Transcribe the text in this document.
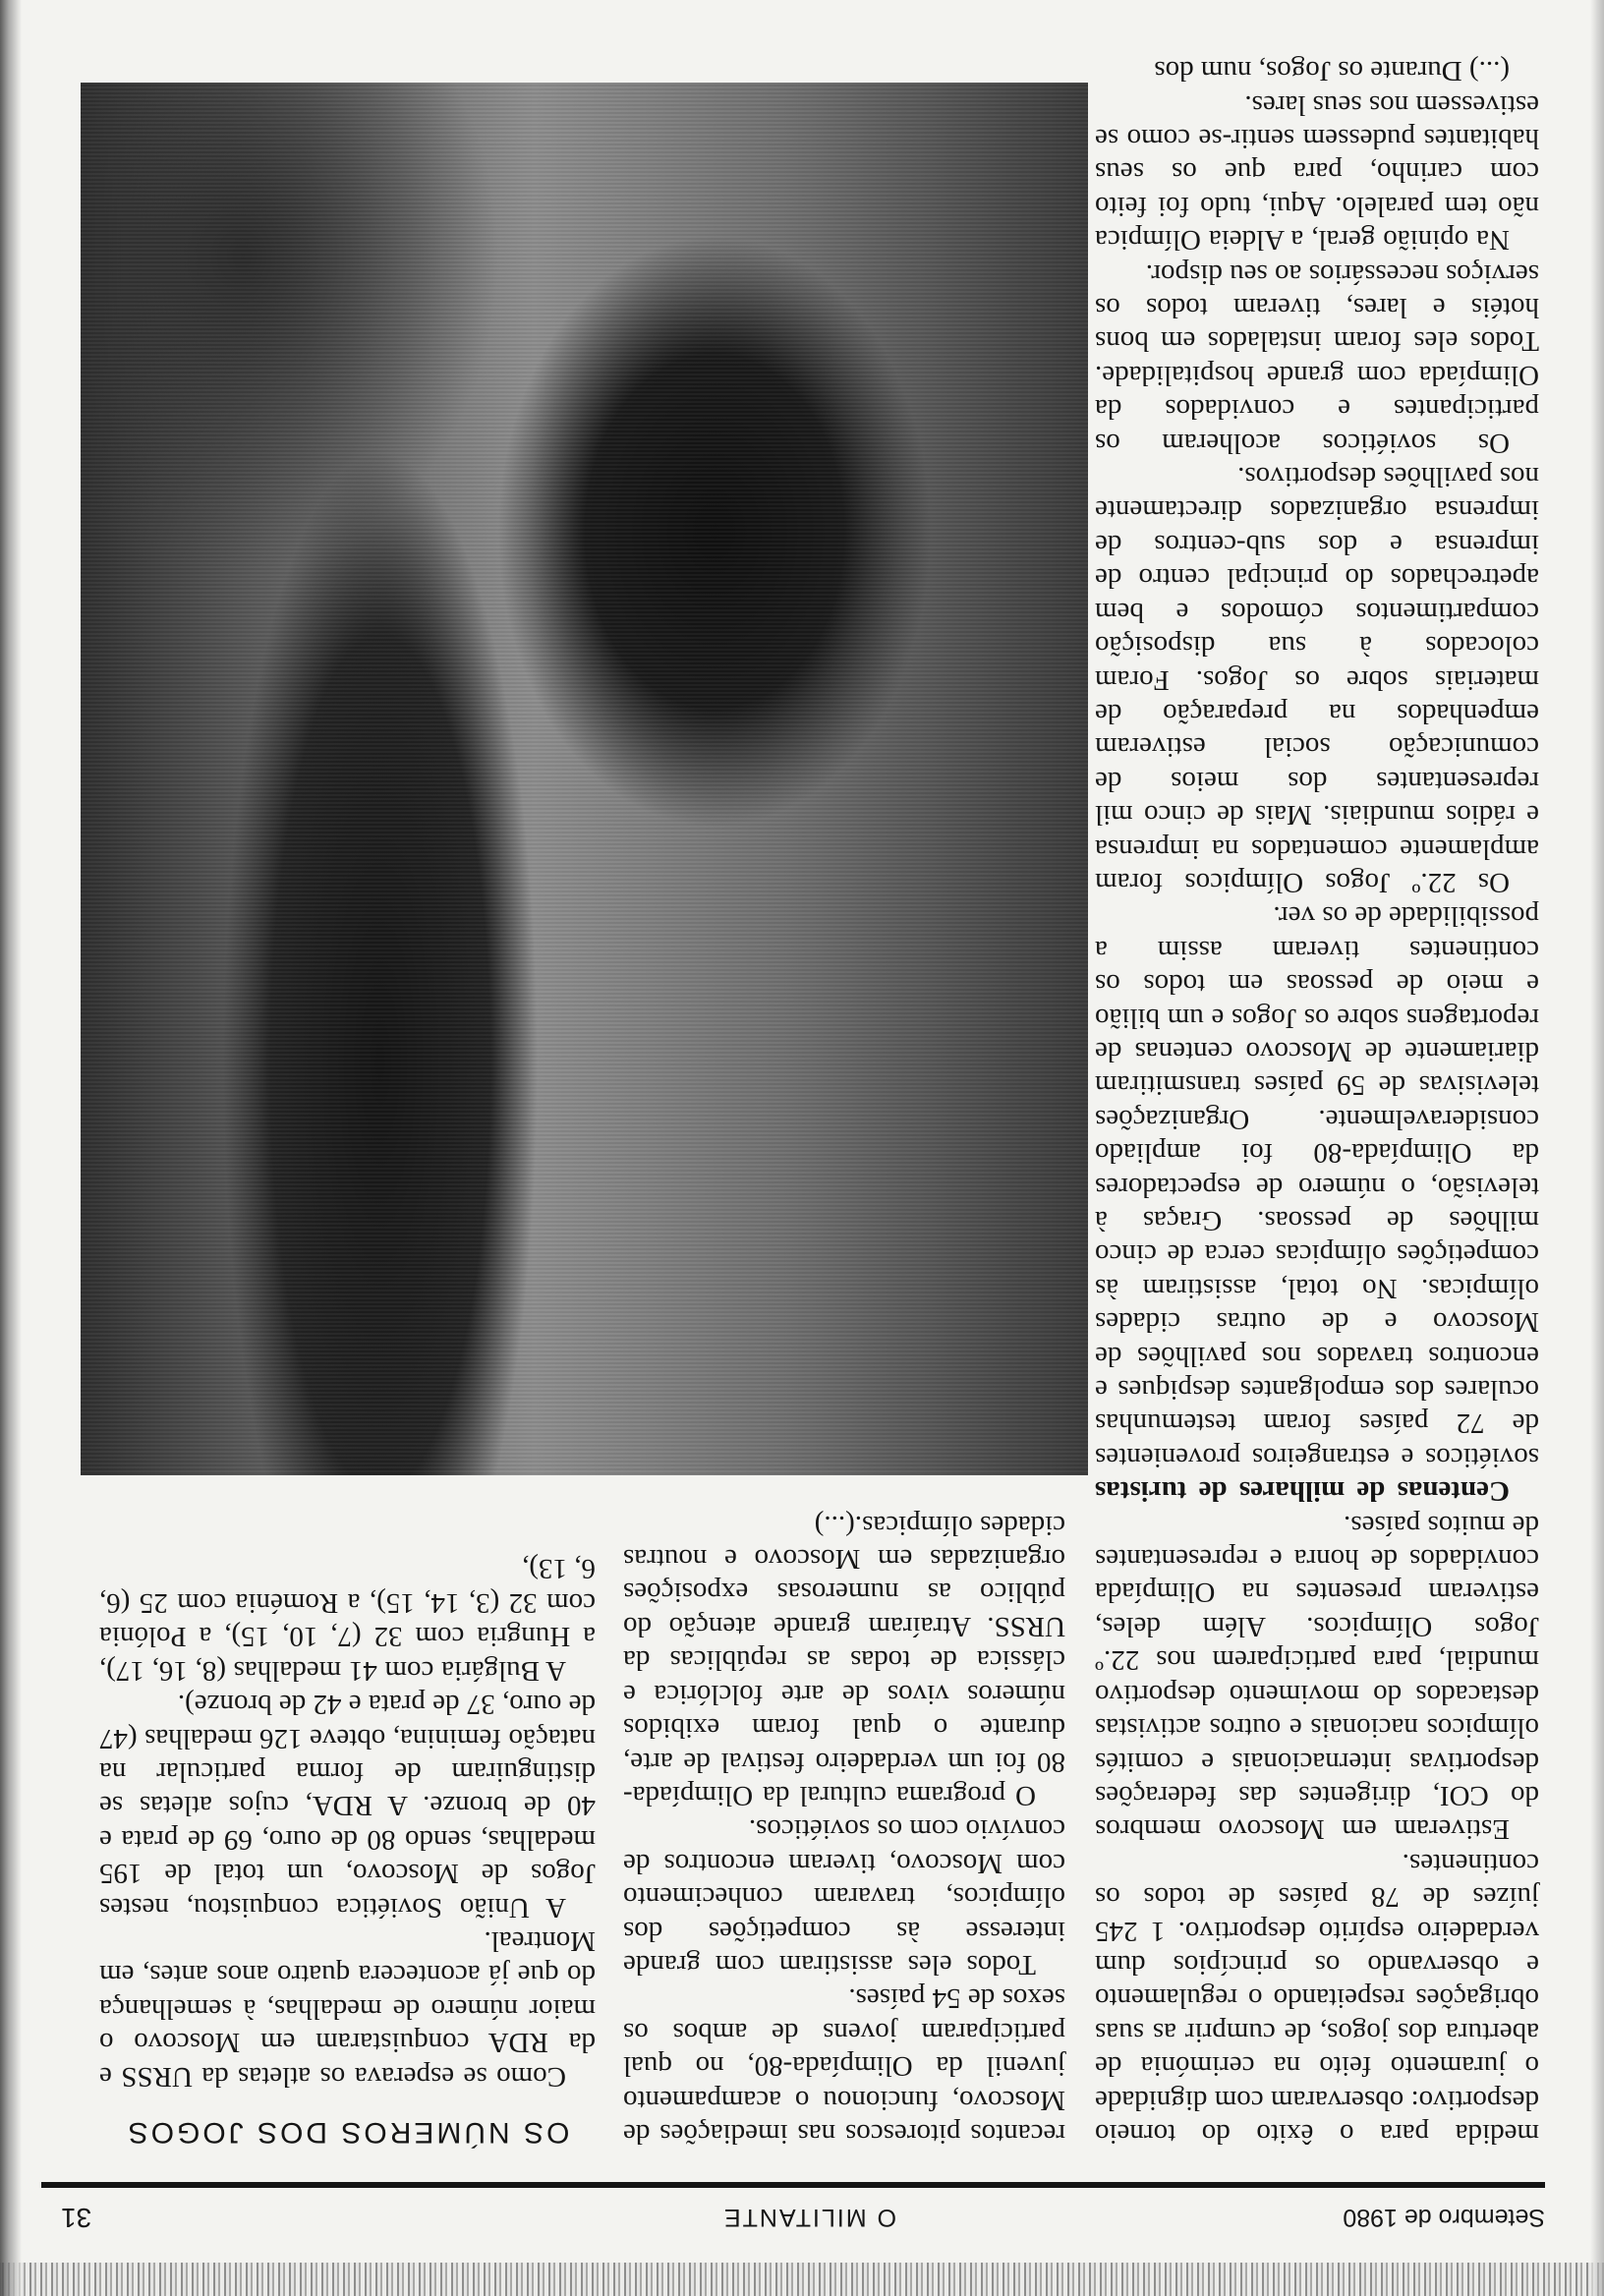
Setembro de 1980
O MILITANTE
31

medida para o êxito do torneio desportivo: observaram com dignidade o juramento feito na cerimónia de abertura dos jogos, de cumprir as suas obrigações respeitando o regulamento e observando os princípios dum verdadeiro espírito desportivo. 1 245 juízes de 78 países de todos os continentes.

Estiveram em Moscovo membros do COI, dirigentes das federações desportivas internacionais e comités olímpicos nacionais e outros activistas destacados do movimento desportivo mundial, para participarem nos 22.º Jogos Olímpicos. Além deles, estiveram presentes na Olimpíada convidados de honra e representantes de muitos países.

Centenas de milhares de turistas soviéticos e estrangeiros provenientes de 72 países foram testemunhas oculares dos empolgantes despiques e encontros travados nos pavilhões de Moscovo e de outras cidades olímpicas. No total, assistiram às competições olímpicas cerca de cinco milhões de pessoas. Graças à televisão, o número de espectadores da Olimpíada-80 foi ampliado consideravelmente. Organizações televisivas de 59 países transmitiram diariamente de Moscovo centenas de reportagens sobre os Jogos e um bilião e meio de pessoas em todos os continentes tiveram assim a possibilidade de os ver.

Os 22.º Jogos Olímpicos foram amplamente comentados na imprensa e rádios mundiais. Mais de cinco mil representantes dos meios de comunicação social estiveram empenhados na preparação de materiais sobre os Jogos. Foram colocados à sua disposição compartimentos cómodos e bem apetrechados do principal centro de imprensa e dos sub-centros de imprensa organizados directamente nos pavilhões desportivos.

Os soviéticos acolheram os participantes e convidados da Olimpíada com grande hospitalidade. Todos eles foram instalados em bons hotéis e lares, tiveram todos os serviços necessários ao seu dispor.

Na opinião geral, a Aldeia Olímpica não tem paralelo. Aqui, tudo foi feito com carinho, para que os seus habitantes pudessem sentir-se como se estivessem nos seus lares.

(...) Durante os Jogos, num dos

recantos pitorescos nas imediações de Moscovo, funcionou o acampamento juvenil da Olimpíada-80, no qual participaram jovens de ambos os sexos de 54 países.

Todos eles assistiram com grande interesse às competições dos olímpicos, travaram conhecimento com Moscovo, tiveram encontros de convívio com os soviéticos.

O programa cultural da Olimpíada-80 foi um verdadeiro festival de arte, durante o qual foram exibidos números vivos de arte folclórica e clássica de todas as repúblicas da URSS. Atraíram grande atenção do público as numerosas exposições organizadas em Moscovo e noutras cidades olímpicas.(...)

OS NÚMEROS DOS JOGOS

Como se esperava os atletas da URSS e da RDA conquistaram em Moscovo o maior número de medalhas, à semelhança do que já acontecera quatro anos antes, em Montreal.

A União Soviética conquistou, nestes Jogos de Moscovo, um total de 195 medalhas, sendo 80 de ouro, 69 de prata e 40 de bronze. A RDA, cujos atletas se distinguiram de forma particular na natação feminina, obteve 126 medalhas (47 de ouro, 37 de prata e 42 de bronze).

A Bulgária com 41 medalhas (8, 16, 17), a Hungria com 32 (7, 10, 15), a Polónia com 32 (3, 14, 15), a Roménia com 25 (6, 6, 13),
